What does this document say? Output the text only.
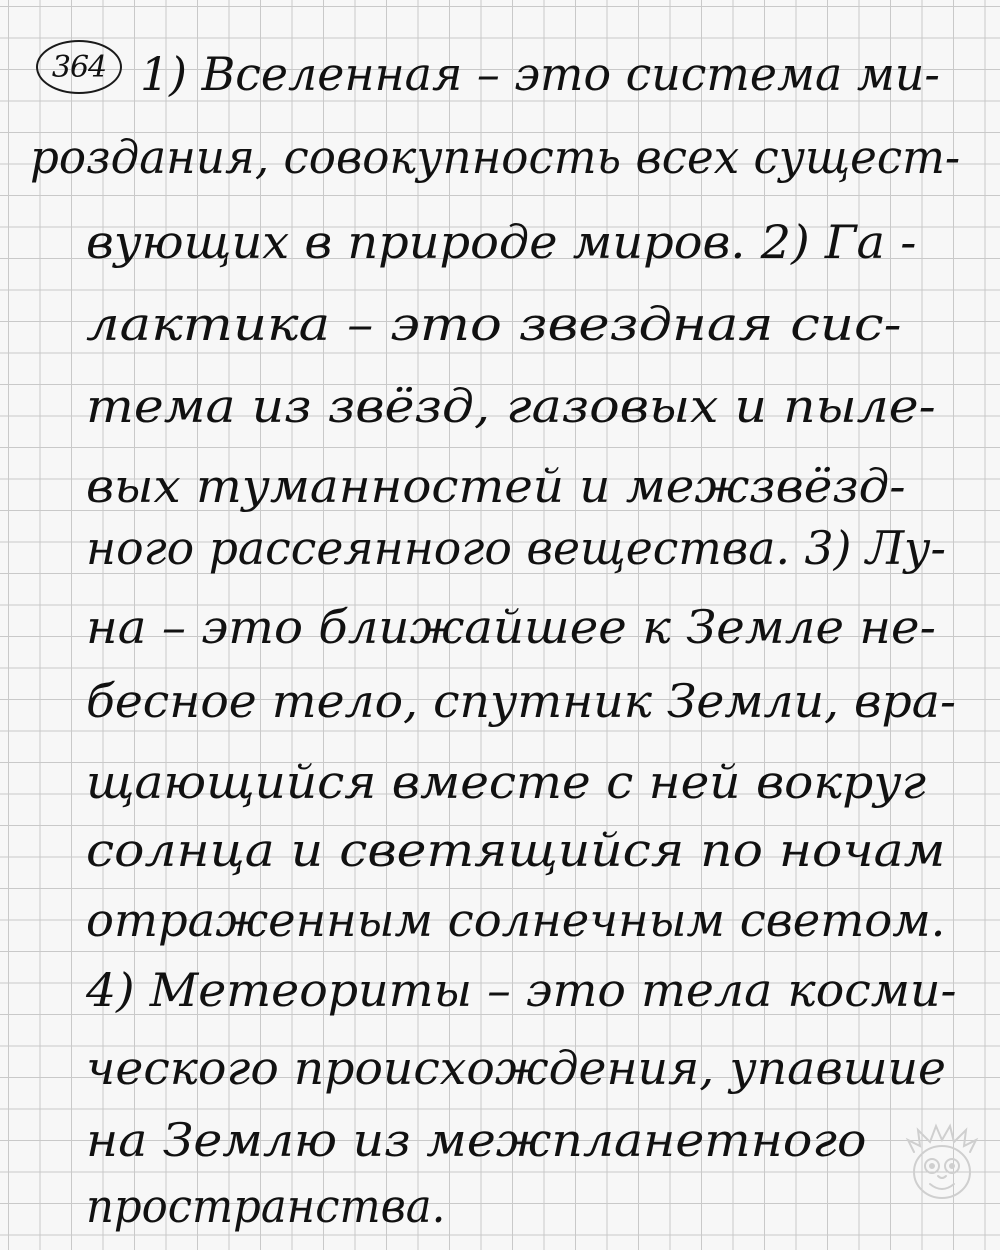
364 1) Вселенная – это система ми-
роздания, совокупность всех сущест-
вующих в природе миров. 2) Га -
лактика – это звездная сис-
тема из звёзд, газовых и пыле-
вых туманностей и межзвёзд-
ного рассеянного вещества. 3) Лу-
на – это ближайшее к Земле не-
бесное тело, спутник Земли, вра-
щающийся вместе с ней вокруг
солнца и светящийся по ночам
отраженным солнечным светом.
4) Метеориты – это тела косми-
ческого происхождения, упавшие
на Землю из межпланетного
пространства.
